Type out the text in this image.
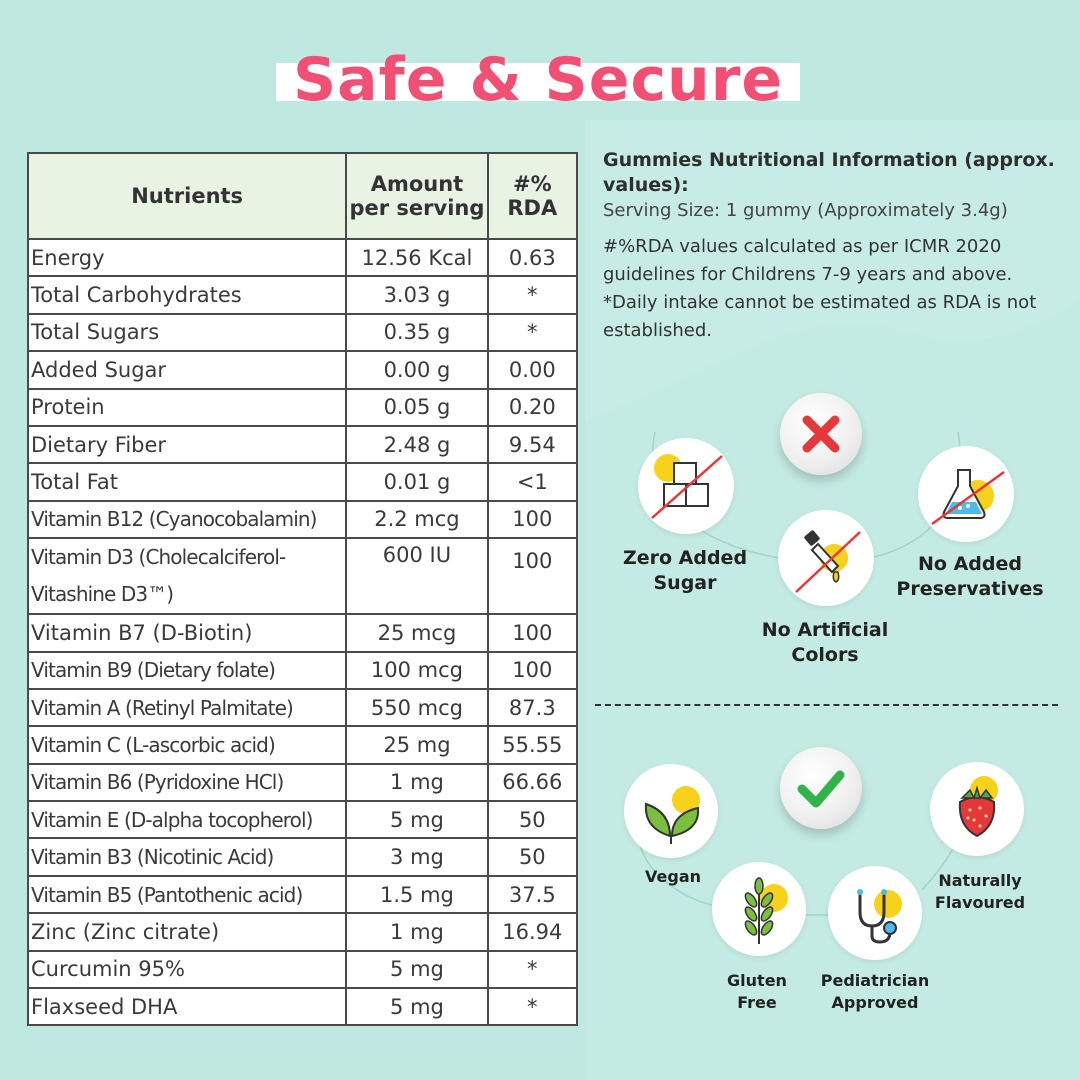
Safe & Secure
Nutrients	Amount per serving	#% RDA
Energy	12.56 Kcal	0.63
Total Carbohydrates	3.03 g	*
Total Sugars	0.35 g	*
Added Sugar	0.00 g	0.00
Protein	0.05 g	0.20
Dietary Fiber	2.48 g	9.54
Total Fat	0.01 g	<1
Vitamin B12 (Cyanocobalamin)	2.2 mcg	100
Vitamin D3 (Cholecalciferol-Vitashine D3™)	600 IU	100
Vitamin B7 (D-Biotin)	25 mcg	100
Vitamin B9 (Dietary folate)	100 mcg	100
Vitamin A (Retinyl Palmitate)	550 mcg	87.3
Vitamin C (L-ascorbic acid)	25 mg	55.55
Vitamin B6 (Pyridoxine HCl)	1 mg	66.66
Vitamin E (D-alpha tocopherol)	5 mg	50
Vitamin B3 (Nicotinic Acid)	3 mg	50
Vitamin B5 (Pantothenic acid)	1.5 mg	37.5
Zinc (Zinc citrate)	1 mg	16.94
Curcumin 95%	5 mg	*
Flaxseed DHA	5 mg	*
Gummies Nutritional Information (approx. values):
Serving Size: 1 gummy (Approximately 3.4g)
#%RDA values calculated as per ICMR 2020 guidelines for Childrens 7-9 years and above.
*Daily intake cannot be estimated as RDA is not established.
Zero Added Sugar
No Artificial Colors
No Added Preservatives
Vegan
Gluten Free
Pediatrician Approved
Naturally Flavoured
